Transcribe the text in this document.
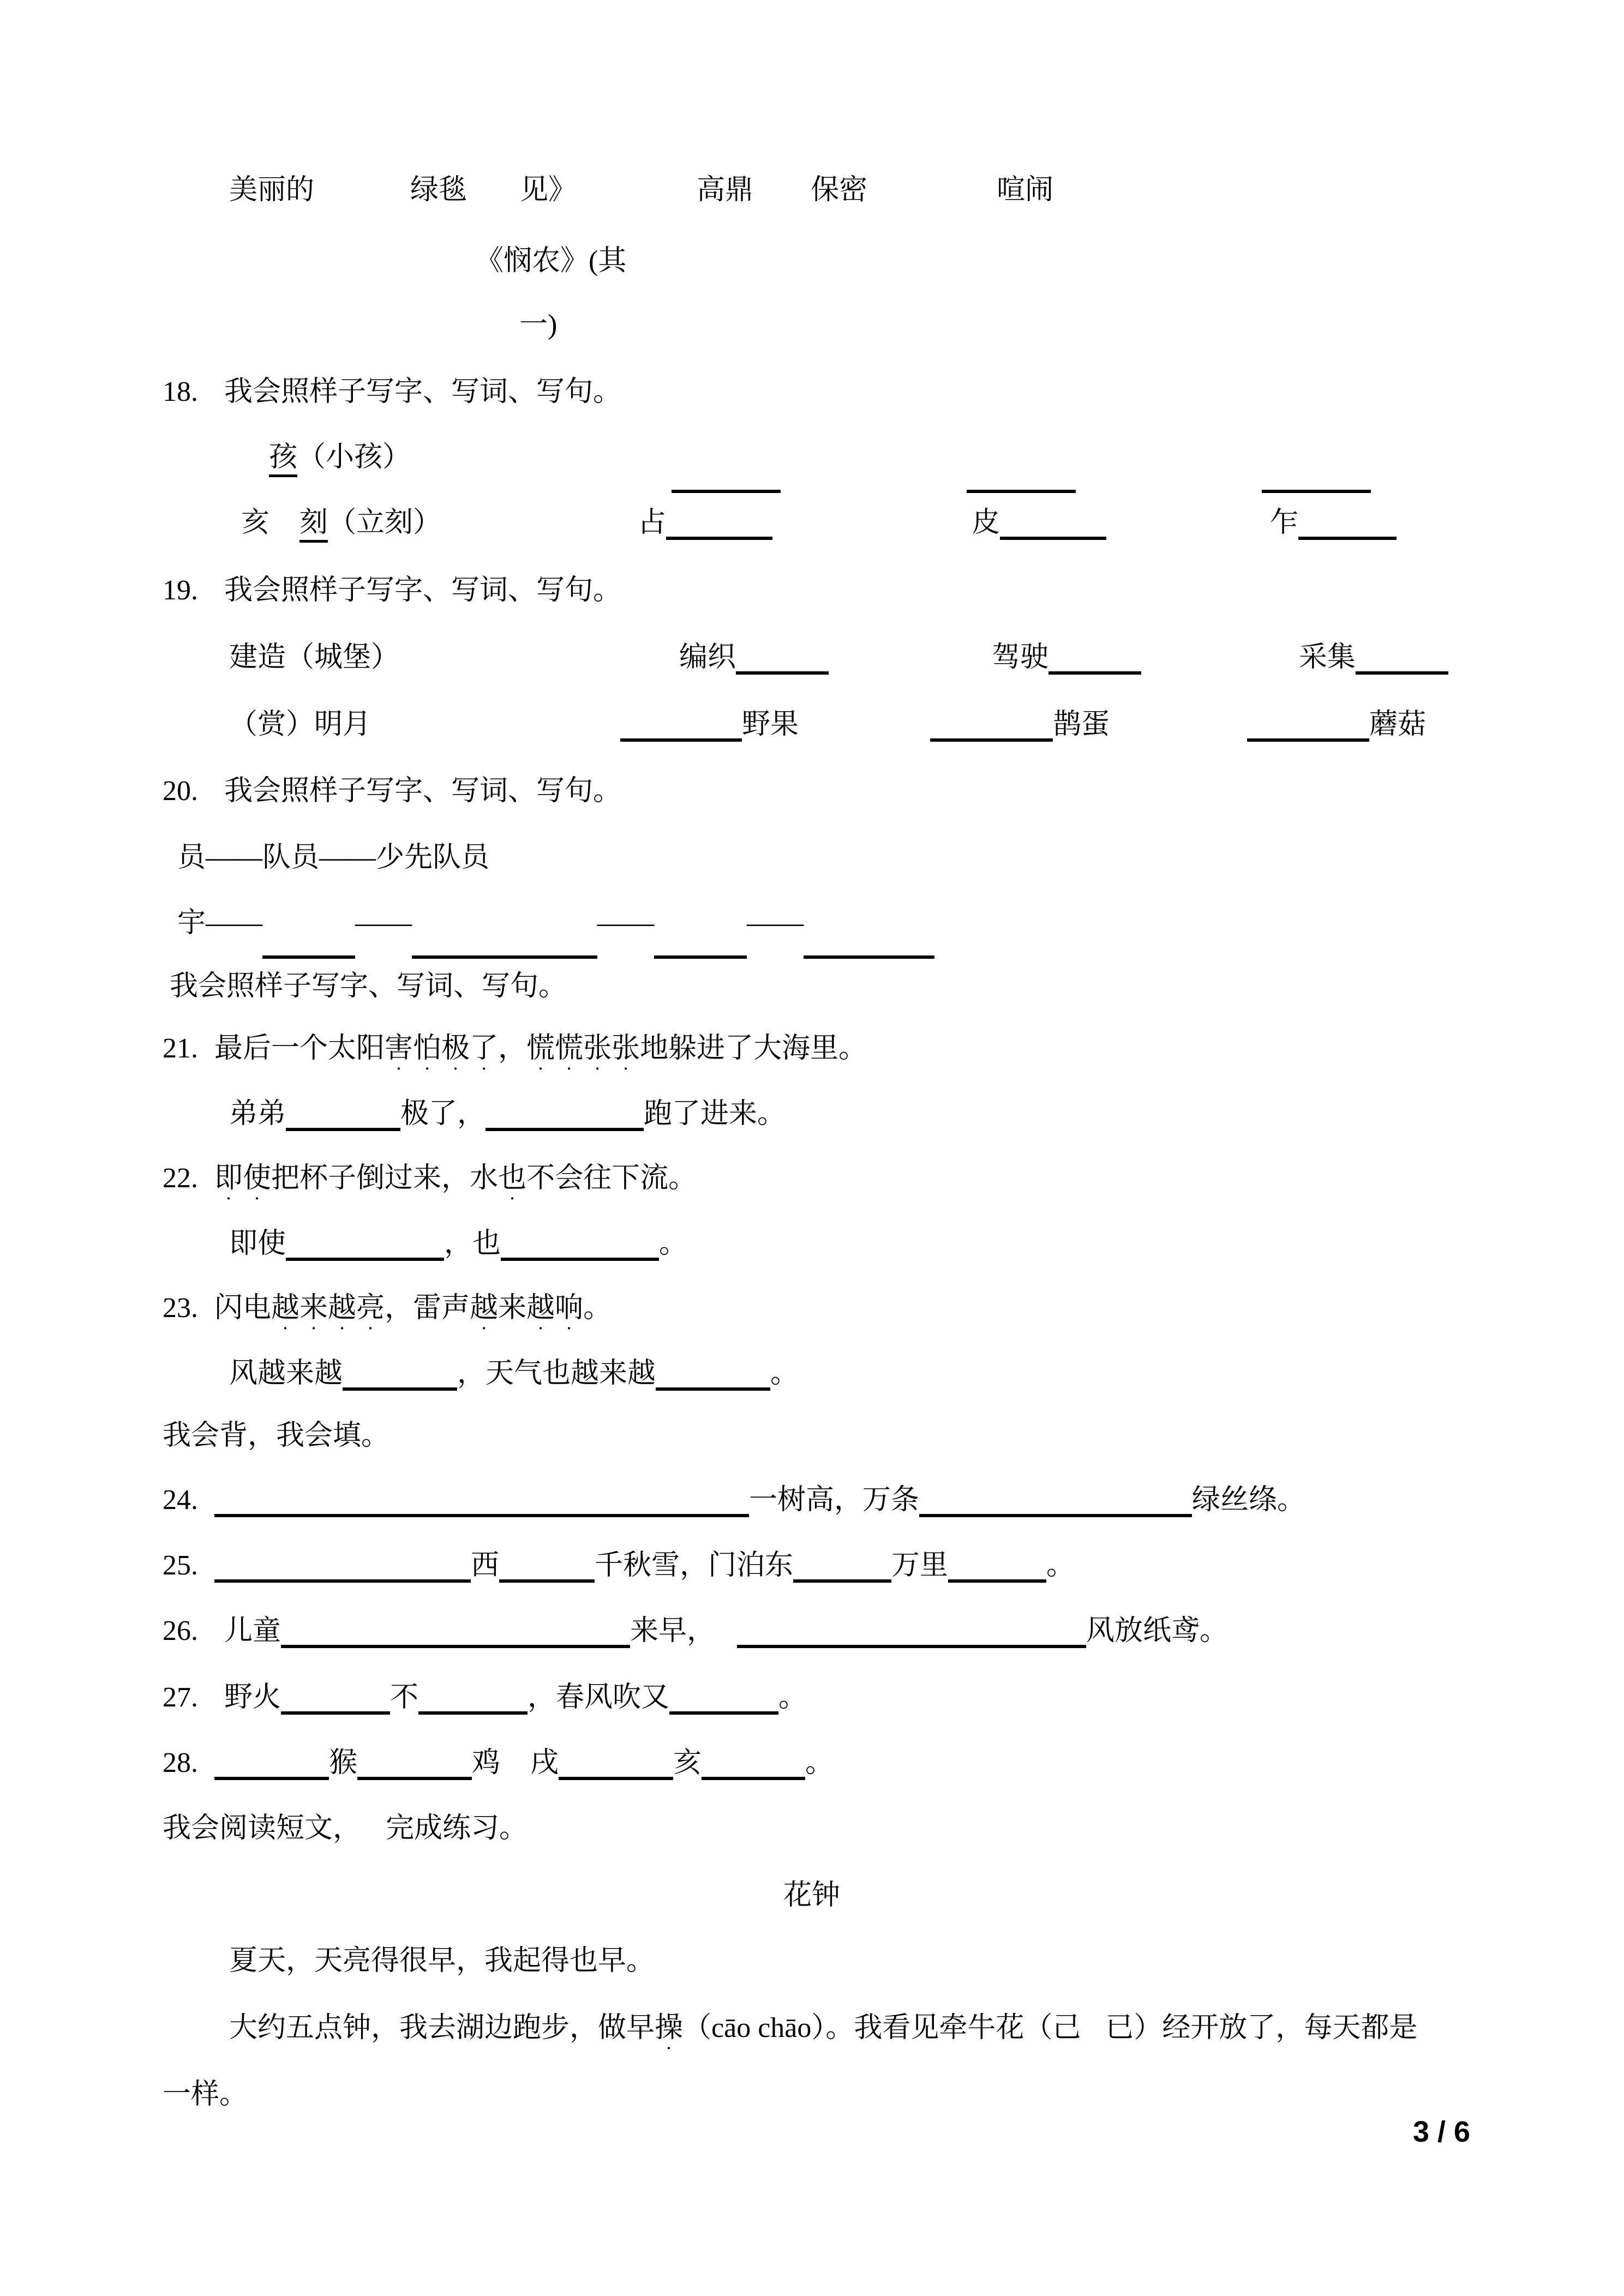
美丽的	绿毯 见》	高鼎 保密	喧闹
《悯农》(其
一)
18. 我会照样子写字、写词、写句。
孩（小孩）
亥 刻（立刻）	占	皮	乍
19. 我会照样子写字、写词、写句。
建造（城堡）	编织	驾驶	采集
（赏）明月	野果	鹊蛋	蘑菇
20. 我会照样子写字、写词、写句。
员——队员——少先队员
宇——	——	——	——
我会照样子写字、写词、写句。
21. 最后一个太阳害怕极了，慌慌张张地躲进了大海里。
弟弟	极了，	跑了进来。
22. 即使把杯子倒过来，水也不会往下流。
即使	，也	。
23. 闪电越来越亮，雷声越来越响。
风越来越	，天气也越来越	。
我会背，我会填。
24.	一树高，万条	绿丝绦。
25.	西	千秋雪，门泊东	万里	。
26. 儿童	来早，	风放纸鸢。
27. 野火	不	，春风吹又	。
28.	猴	鸡 戌	亥	。
我会阅读短文， 完成练习。
花钟
夏天，天亮得很早，我起得也早。
大约五点钟，我去湖边跑步，做早操（cāo chāo）。我看见牵牛花（己 已）经开放了，每天都是
一样。
3 / 6
